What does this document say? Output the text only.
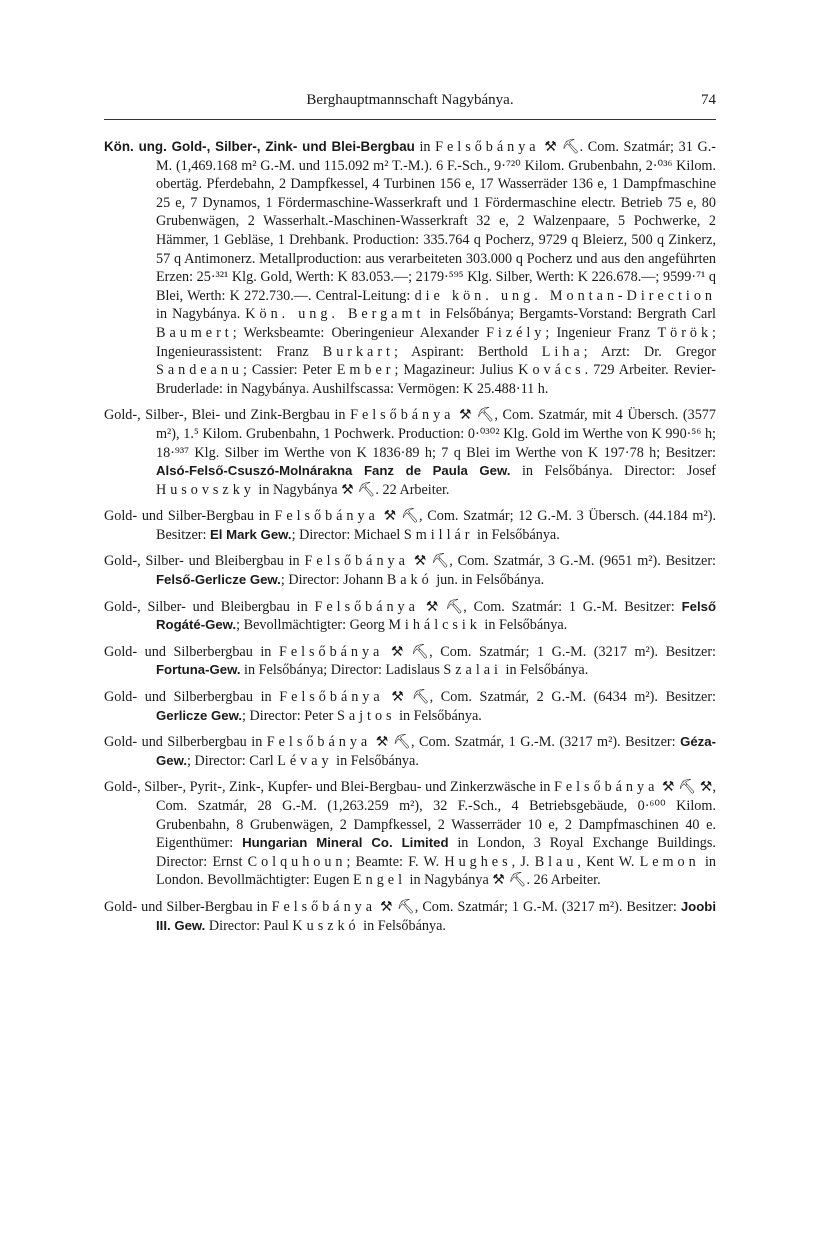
Berghauptmannschaft Nagybánya.	74

Kön. ung. Gold-, Silber-, Zink- und Blei-Bergbau in Felsőbánya ⚒ ⛏. Com. Szatmár; 31 G.-M. (1,469.168 m² G.-M. und 115.092 m² T.-M.). 6 F.-Sch., 9·⁷²⁰ Kilom. Grubenbahn, 2·⁰³⁶ Kilom. obertäg. Pferdebahn, 2 Dampfkessel, 4 Turbinen 156 e, 17 Wasserräder 136 e, 1 Dampfmaschine 25 e, 7 Dynamos, 1 Fördermaschine-Wasserkraft und 1 Fördermaschine electr. Betrieb 75 e, 80 Grubenwägen, 2 Wasserhalt.-Maschinen-Wasserkraft 32 e, 2 Walzenpaare, 5 Pochwerke, 2 Hämmer, 1 Gebläse, 1 Drehbank. Production: 335.764 q Pocherz, 9729 q Bleierz, 500 q Zinkerz, 57 q Antimonerz. Metallproduction: aus verarbeiteten 303.000 q Pocherz und aus den angeführten Erzen: 25·³²¹ Klg. Gold, Werth: K 83.053.—; 2179·⁵⁹⁵ Klg. Silber, Werth: K 226.678.—; 9599·⁷¹ q Blei, Werth: K 272.730.—. Central-Leitung: die kön. ung. Montan-Direction in Nagybánya. Kön. ung. Bergamt in Felsőbánya; Bergamts-Vorstand: Bergrath Carl Baumert; Werksbeamte: Oberingenieur Alexander Fizély; Ingenieur Franz Török; Ingenieurassistent: Franz Burkart; Aspirant: Berthold Liha; Arzt: Dr. Gregor Sandeanu; Cassier: Peter Ember; Magazineur: Julius Kovács. 729 Arbeiter. Revier-Bruderlade: in Nagybánya. Aushilfscassa: Vermögen: K 25.488·11 h.

Gold-, Silber-, Blei- und Zink-Bergbau in Felsőbánya ⚒ ⛏, Com. Szatmár, mit 4 Übersch. (3577 m²), 1.⁵ Kilom. Grubenbahn, 1 Pochwerk. Production: 0·⁰³⁰² Klg. Gold im Werthe von K 990·⁵⁶ h; 18·⁹³⁷ Klg. Silber im Werthe von K 1836·89 h; 7 q Blei im Werthe von K 197·78 h; Besitzer: Alsó-Felső-Csuszó-Molnárakna Fanz de Paula Gew. in Felsőbánya. Director: Josef Husovszky in Nagybánya ⚒ ⛏. 22 Arbeiter.

Gold- und Silber-Bergbau in Felsőbánya ⚒ ⛏, Com. Szatmár; 12 G.-M. 3 Übersch. (44.184 m²). Besitzer: El Mark Gew.; Director: Michael Smillár in Felsőbánya.

Gold-, Silber- und Bleibergbau in Felsőbánya ⚒ ⛏, Com. Szatmár, 3 G.-M. (9651 m²). Besitzer: Felső-Gerlicze Gew.; Director: Johann Bakó jun. in Felsőbánya.

Gold-, Silber- und Bleibergbau in Felsőbánya ⚒ ⛏, Com. Szatmár: 1 G.-M. Besitzer: Felső Rogáté-Gew.; Bevollmächtigter: Georg Mihálcsik in Felsőbánya.

Gold- und Silberbergbau in Felsőbánya ⚒ ⛏, Com. Szatmár; 1 G.-M. (3217 m²). Besitzer: Fortuna-Gew. in Felsőbánya; Director: Ladislaus Szalai in Felsőbánya.

Gold- und Silberbergbau in Felsőbánya ⚒ ⛏, Com. Szatmár, 2 G.-M. (6434 m²). Besitzer: Gerlicze Gew.; Director: Peter Sajtos in Felsőbánya.

Gold- und Silberbergbau in Felsőbánya ⚒ ⛏, Com. Szatmár, 1 G.-M. (3217 m²). Besitzer: Géza-Gew.; Director: Carl Lévay in Felsőbánya.

Gold-, Silber-, Pyrit-, Zink-, Kupfer- und Blei-Bergbau- und Zinkerzwäsche in Felsőbánya ⚒ ⛏ ⚒, Com. Szatmár, 28 G.-M. (1,263.259 m²), 32 F.-Sch., 4 Betriebsgebäude, 0·⁶⁰⁰ Kilom. Grubenbahn, 8 Grubenwägen, 2 Dampfkessel, 2 Wasserräder 10 e, 2 Dampfmaschinen 40 e. Eigenthümer: Hungarian Mineral Co. Limited in London, 3 Royal Exchange Buildings. Director: Ernst Colquhoun; Beamte: F. W. Hughes, J. Blau, Kent W. Lemon in London. Bevollmächtigter: Eugen Engel in Nagybánya ⚒ ⛏. 26 Arbeiter.

Gold- und Silber-Bergbau in Felsőbánya ⚒ ⛏, Com. Szatmár; 1 G.-M. (3217 m²). Besitzer: Joobi III. Gew. Director: Paul Kuszkó in Felsőbánya.
